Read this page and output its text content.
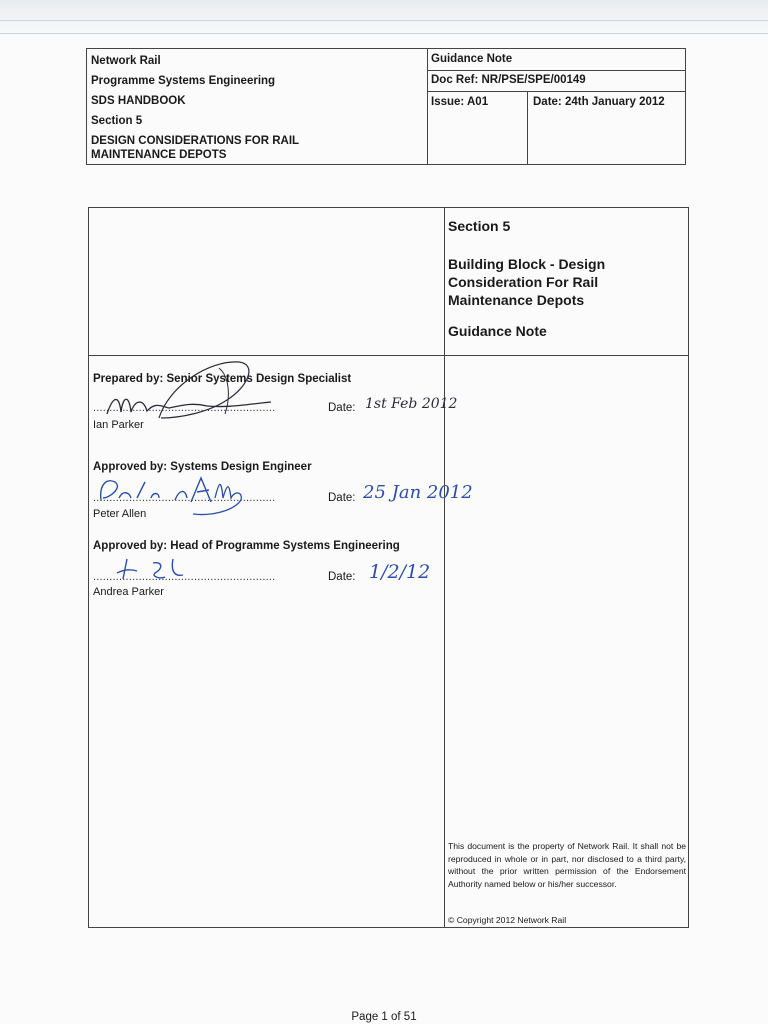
Network Rail
Programme Systems Engineering
SDS HANDBOOK
Section 5
DESIGN CONSIDERATIONS FOR RAIL
MAINTENANCE DEPOTS
Guidance Note
Doc Ref: NR/PSE/SPE/00149
Issue: A01	Date: 24th January 2012
Section 5
Building Block - Design
Consideration For Rail
Maintenance Depots
Guidance Note
Prepared by: Senior Systems Design Specialist
........................................................	Date: 1st Feb 2012
Ian Parker
Approved by: Systems Design Engineer
........................................................	Date: 25 Jan 2012
Peter Allen
Approved by: Head of Programme Systems Engineering
........................................................	Date: 1/2/12
Andrea Parker
This document is the property of Network Rail. It shall not be reproduced in whole or in part, nor disclosed to a third party, without the prior written permission of the Endorsement Authority named below or his/her successor.
© Copyright 2012 Network Rail
Page 1 of 51
